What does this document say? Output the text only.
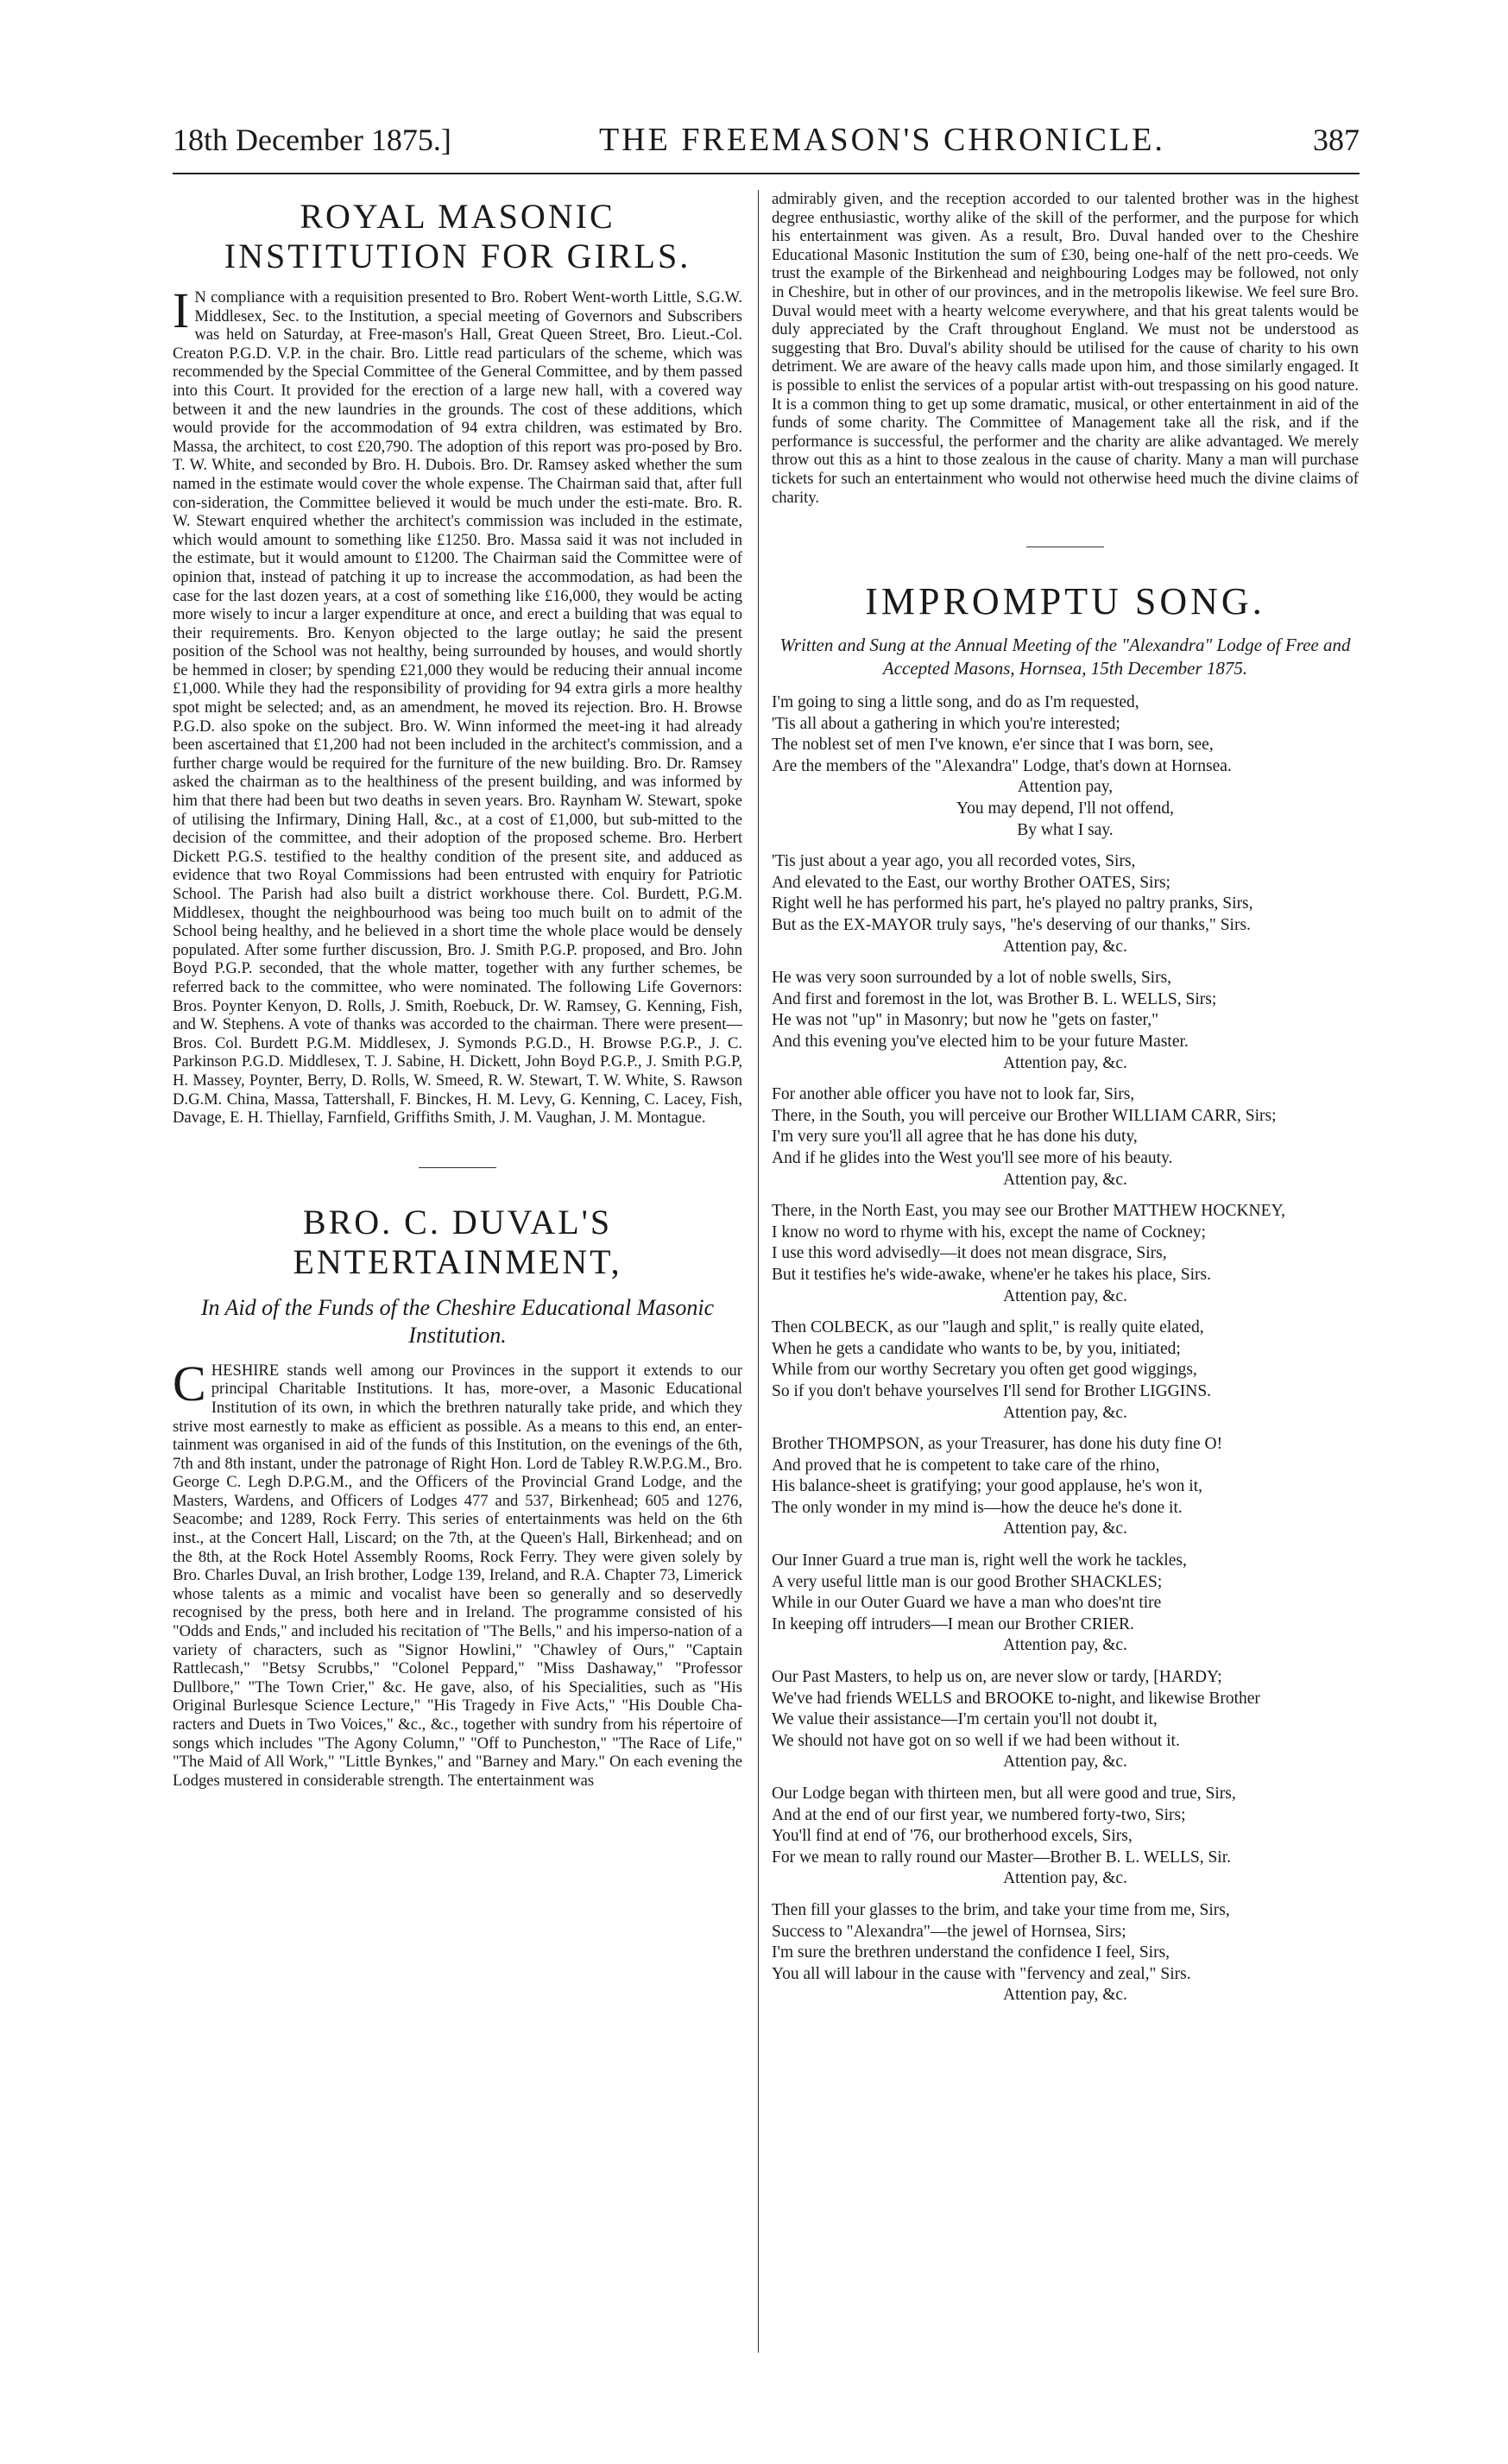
18th December 1875.]	THE FREEMASON'S CHRONICLE.	387
ROYAL MASONIC INSTITUTION FOR GIRLS.

IN compliance with a requisition presented to Bro. Robert Went-worth Little, S.G.W. Middlesex, Sec. to the Institution, a special meeting of Governors and Subscribers was held on Saturday, at Free-mason's Hall, Great Queen Street, Bro. Lieut.-Col. Creaton P.G.D. V.P. in the chair. Bro. Little read particulars of the scheme, which was recommended by the Special Committee of the General Committee, and by them passed into this Court. It provided for the erection of a large new hall, with a covered way between it and the new laundries in the grounds. The cost of these additions, which would provide for the accommodation of 94 extra children, was estimated by Bro. Massa, the architect, to cost £20,790. The adoption of this report was pro-posed by Bro. T. W. White, and seconded by Bro. H. Dubois. Bro. Dr. Ramsey asked whether the sum named in the estimate would cover the whole expense. The Chairman said that, after full con-sideration, the Committee believed it would be much under the esti-mate. Bro. R. W. Stewart enquired whether the architect's commission was included in the estimate, which would amount to something like £1250. Bro. Massa said it was not included in the estimate, but it would amount to £1200. The Chairman said the Committee were of opinion that, instead of patching it up to increase the accommodation, as had been the case for the last dozen years, at a cost of something like £16,000, they would be acting more wisely to incur a larger expenditure at once, and erect a building that was equal to their requirements. Bro. Kenyon objected to the large outlay; he said the present position of the School was not healthy, being surrounded by houses, and would shortly be hemmed in closer; by spending £21,000 they would be reducing their annual income £1,000. While they had the responsibility of providing for 94 extra girls a more healthy spot might be selected; and, as an amendment, he moved its rejection. Bro. H. Browse P.G.D. also spoke on the subject. Bro. W. Winn informed the meet-ing it had already been ascertained that £1,200 had not been included in the architect's commission, and a further charge would be required for the furniture of the new building. Bro. Dr. Ramsey asked the chairman as to the healthiness of the present building, and was informed by him that there had been but two deaths in seven years. Bro. Raynham W. Stewart, spoke of utilising the Infirmary, Dining Hall, &c., at a cost of £1,000, but sub-mitted to the decision of the committee, and their adoption of the proposed scheme. Bro. Herbert Dickett P.G.S. testified to the healthy condition of the present site, and adduced as evidence that two Royal Commissions had been entrusted with enquiry for Patriotic School. The Parish had also built a district workhouse there. Col. Burdett, P.G.M. Middlesex, thought the neighbourhood was being too much built on to admit of the School being healthy, and he believed in a short time the whole place would be densely populated. After some further discussion, Bro. J. Smith P.G.P. proposed, and Bro. John Boyd P.G.P. seconded, that the whole matter, together with any further schemes, be referred back to the committee, who were nominated. The following Life Governors: Bros. Poynter Kenyon, D. Rolls, J. Smith, Roebuck, Dr. W. Ramsey, G. Kenning, Fish, and W. Stephens. A vote of thanks was accorded to the chairman. There were present—Bros. Col. Burdett P.G.M. Middlesex, J. Symonds P.G.D., H. Browse P.G.P., J. C. Parkinson P.G.D. Middlesex, T. J. Sabine, H. Dickett, John Boyd P.G.P., J. Smith P.G.P, H. Massey, Poynter, Berry, D. Rolls, W. Smeed, R. W. Stewart, T. W. White, S. Rawson D.G.M. China, Massa, Tattershall, F. Binckes, H. M. Levy, G. Kenning, C. Lacey, Fish, Davage, E. H. Thiellay, Farnfield, Griffiths Smith, J. M. Vaughan, J. M. Montague.

BRO. C. DUVAL'S ENTERTAINMENT,
In Aid of the Funds of the Cheshire Educational Masonic Institution.

CHESHIRE stands well among our Provinces in the support it extends to our principal Charitable Institutions. It has, more-over, a Masonic Educational Institution of its own, in which the brethren naturally take pride, and which they strive most earnestly to make as efficient as possible. As a means to this end, an enter-tainment was organised in aid of the funds of this Institution, on the evenings of the 6th, 7th and 8th instant, under the patronage of Right Hon. Lord de Tabley R.W.P.G.M., Bro. George C. Legh D.P.G.M., and the Officers of the Provincial Grand Lodge, and the Masters, Wardens, and Officers of Lodges 477 and 537, Birkenhead; 605 and 1276, Seacombe; and 1289, Rock Ferry. This series of entertainments was held on the 6th inst., at the Concert Hall, Liscard; on the 7th, at the Queen's Hall, Birkenhead; and on the 8th, at the Rock Hotel Assembly Rooms, Rock Ferry. They were given solely by Bro. Charles Duval, an Irish brother, Lodge 139, Ireland, and R.A. Chapter 73, Limerick whose talents as a mimic and vocalist have been so generally and so deservedly recognised by the press, both here and in Ireland. The programme consisted of his "Odds and Ends," and included his recitation of "The Bells," and his imperso-nation of a variety of characters, such as "Signor Howlini," "Chawley of Ours," "Captain Rattlecash," "Betsy Scrubbs," "Colonel Peppard," "Miss Dashaway," "Professor Dullbore," "The Town Crier," &c. He gave, also, of his Specialities, such as "His Original Burlesque Science Lecture," "His Tragedy in Five Acts," "His Double Cha-racters and Duets in Two Voices," &c., &c., together with sundry from his répertoire of songs which includes "The Agony Column," "Off to Puncheston," "The Race of Life," "The Maid of All Work," "Little Bynkes," and "Barney and Mary." On each evening the Lodges mustered in considerable strength. The entertainment was

admirably given, and the reception accorded to our talented brother was in the highest degree enthusiastic, worthy alike of the skill of the performer, and the purpose for which his entertainment was given. As a result, Bro. Duval handed over to the Cheshire Educational Masonic Institution the sum of £30, being one-half of the nett pro-ceeds. We trust the example of the Birkenhead and neighbouring Lodges may be followed, not only in Cheshire, but in other of our provinces, and in the metropolis likewise. We feel sure Bro. Duval would meet with a hearty welcome everywhere, and that his great talents would be duly appreciated by the Craft throughout England. We must not be understood as suggesting that Bro. Duval's ability should be utilised for the cause of charity to his own detriment. We are aware of the heavy calls made upon him, and those similarly engaged. It is possible to enlist the services of a popular artist with-out trespassing on his good nature. It is a common thing to get up some dramatic, musical, or other entertainment in aid of the funds of some charity. The Committee of Management take all the risk, and if the performance is successful, the performer and the charity are alike advantaged. We merely throw out this as a hint to those zealous in the cause of charity. Many a man will purchase tickets for such an entertainment who would not otherwise heed much the divine claims of charity.

IMPROMPTU SONG.
Written and Sung at the Annual Meeting of the "Alexandra" Lodge of Free and Accepted Masons, Hornsea, 15th December 1875.
I'm going to sing a little song, and do as I'm requested,
'Tis all about a gathering in which you're interested;
The noblest set of men I've known, e'er since that I was born, see,
Are the members of the "Alexandra" Lodge, that's down at Hornsea.
Attention pay,
You may depend, I'll not offend,
By what I say.
'Tis just about a year ago, you all recorded votes, Sirs,
And elevated to the East, our worthy Brother OATES, Sirs;
Right well he has performed his part, he's played no paltry pranks, Sirs,
But as the EX-MAYOR truly says, "he's deserving of our thanks," Sirs.
Attention pay, &c.
He was very soon surrounded by a lot of noble swells, Sirs,
And first and foremost in the lot, was Brother B. L. WELLS, Sirs;
He was not "up" in Masonry; but now he "gets on faster,"
And this evening you've elected him to be your future Master.
Attention pay, &c.
For another able officer you have not to look far, Sirs,
There, in the South, you will perceive our Brother WILLIAM CARR, Sirs;
I'm very sure you'll all agree that he has done his duty,
And if he glides into the West you'll see more of his beauty.
Attention pay, &c.
There, in the North East, you may see our Brother MATTHEW HOCKNEY,
I know no word to rhyme with his, except the name of Cockney;
I use this word advisedly—it does not mean disgrace, Sirs,
But it testifies he's wide-awake, whene'er he takes his place, Sirs.
Attention pay, &c.
Then COLBECK, as our "laugh and split," is really quite elated,
When he gets a candidate who wants to be, by you, initiated;
While from our worthy Secretary you often get good wiggings,
So if you don't behave yourselves I'll send for Brother LIGGINS.
Attention pay, &c.
Brother THOMPSON, as your Treasurer, has done his duty fine O!
And proved that he is competent to take care of the rhino,
His balance-sheet is gratifying; your good applause, he's won it,
The only wonder in my mind is—how the deuce he's done it.
Attention pay, &c.
Our Inner Guard a true man is, right well the work he tackles,
A very useful little man is our good Brother SHACKLES;
While in our Outer Guard we have a man who does'nt tire
In keeping off intruders—I mean our Brother CRIER.
Attention pay, &c.
Our Past Masters, to help us on, are never slow or tardy, [HARDY;
We've had friends WELLS and BROOKE to-night, and likewise Brother
We value their assistance—I'm certain you'll not doubt it,
We should not have got on so well if we had been without it.
Attention pay, &c.
Our Lodge began with thirteen men, but all were good and true, Sirs,
And at the end of our first year, we numbered forty-two, Sirs;
You'll find at end of '76, our brotherhood excels, Sirs,
For we mean to rally round our Master—Brother B. L. WELLS, Sir.
Attention pay, &c.
Then fill your glasses to the brim, and take your time from me, Sirs,
Success to "Alexandra"—the jewel of Hornsea, Sirs;
I'm sure the brethren understand the confidence I feel, Sirs,
You all will labour in the cause with "fervency and zeal," Sirs.
Attention pay, &c.
